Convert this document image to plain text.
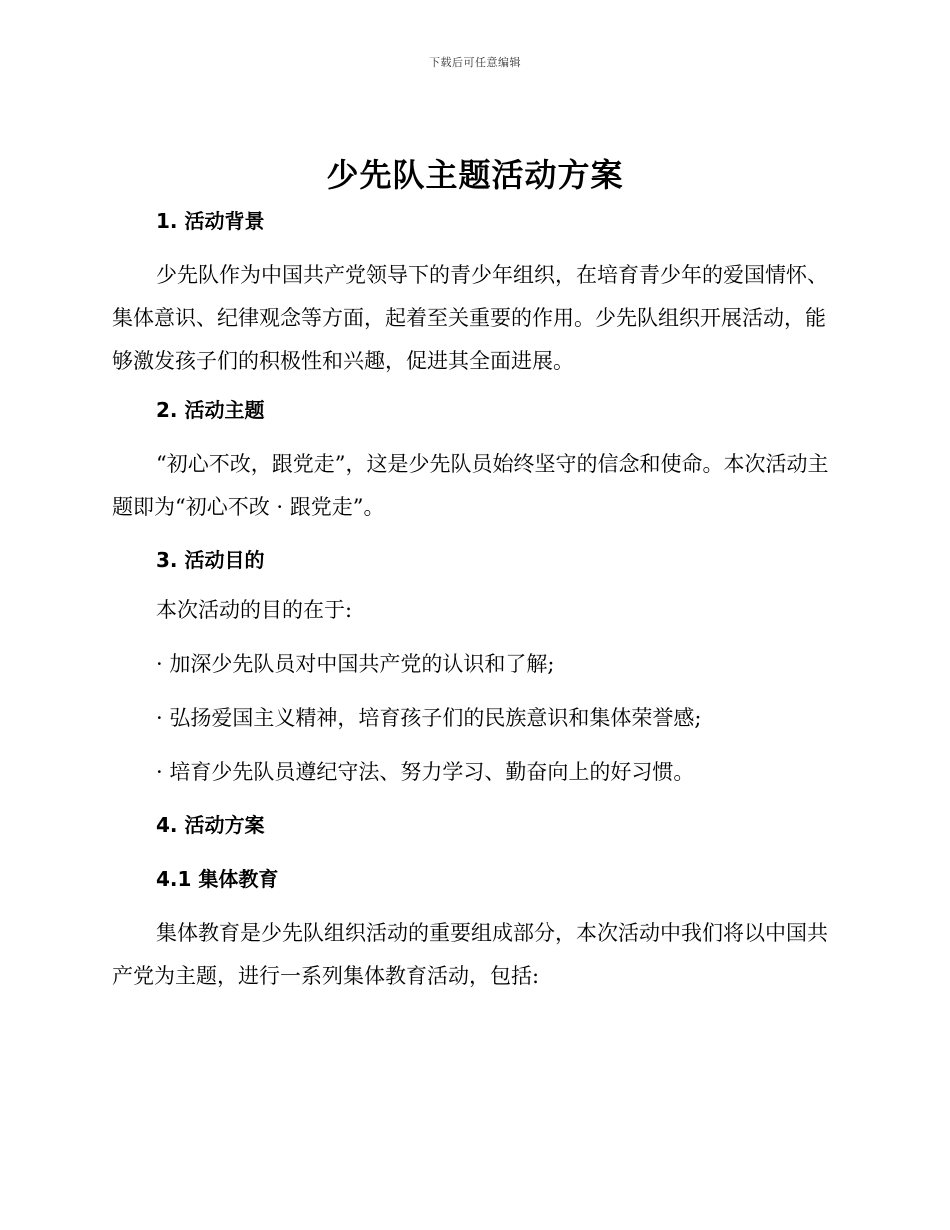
下载后可任意编辑
少先队主题活动方案
1. 活动背景

少先队作为中国共产党领导下的青少年组织，在培育青少年的爱国情怀、集体意识、纪律观念等方面，起着至关重要的作用。少先队组织开展活动，能够激发孩子们的积极性和兴趣，促进其全面进展。

2. 活动主题

“初心不改，跟党走”，这是少先队员始终坚守的信念和使命。本次活动主题即为“初心不改 · 跟党走”。

3. 活动目的

本次活动的目的在于:

· 加深少先队员对中国共产党的认识和了解;

· 弘扬爱国主义精神，培育孩子们的民族意识和集体荣誉感;

· 培育少先队员遵纪守法、努力学习、勤奋向上的好习惯。

4. 活动方案
4.1 集体教育

集体教育是少先队组织活动的重要组成部分，本次活动中我们将以中国共产党为主题，进行一系列集体教育活动，包括:
